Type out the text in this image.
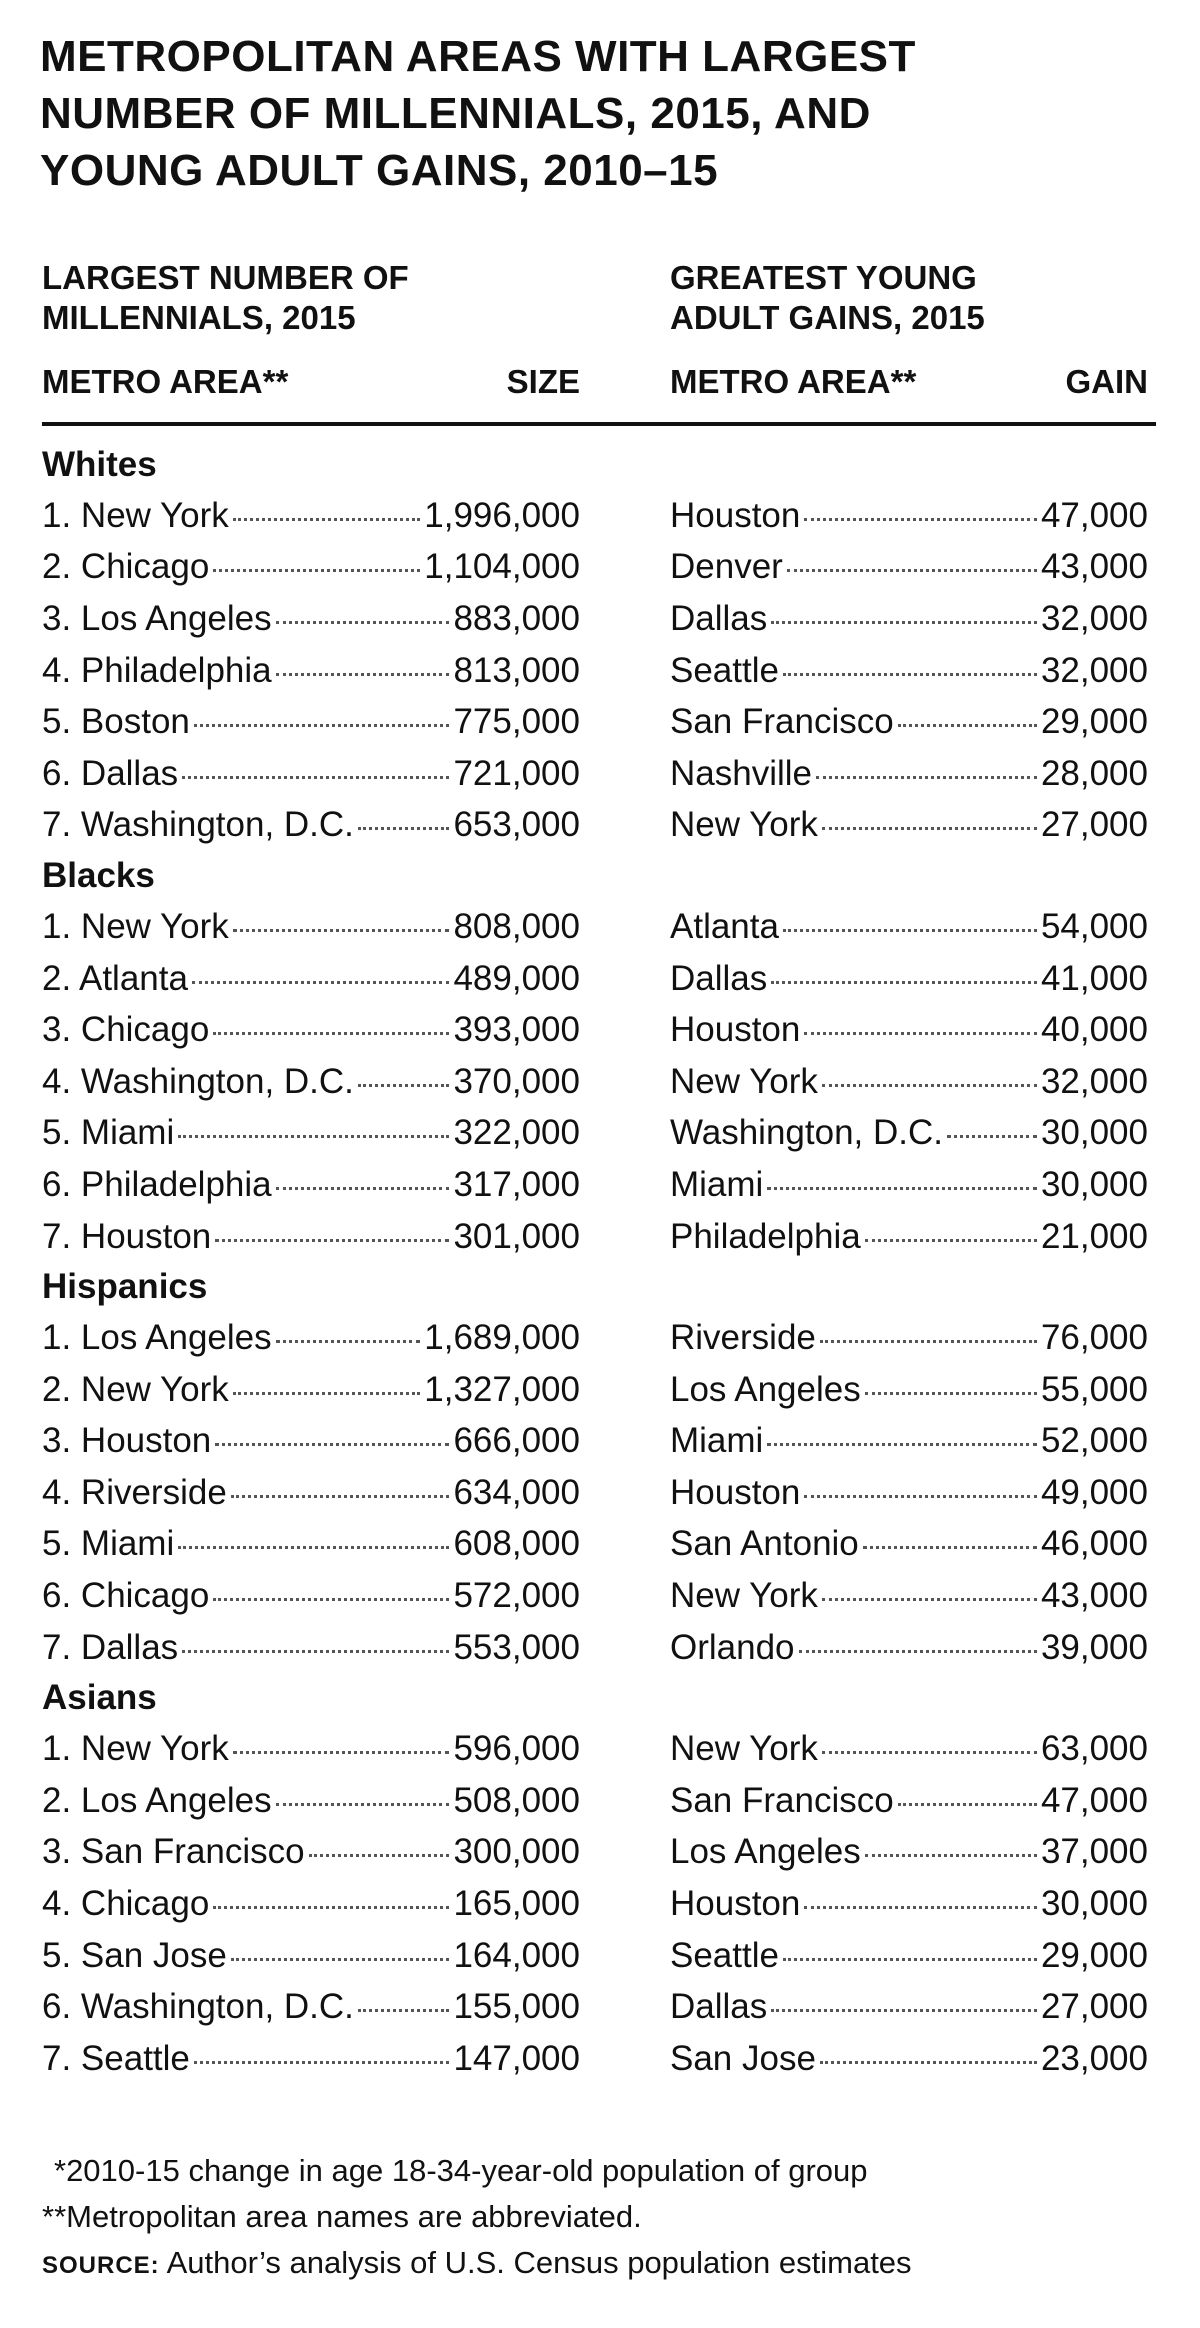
METROPOLITAN AREAS WITH LARGEST
NUMBER OF MILLENNIALS, 2015, AND
YOUNG ADULT GAINS, 2010–15
LARGEST NUMBER OF
MILLENNIALS, 2015
GREATEST YOUNG
ADULT GAINS, 2015
METRO AREA**	SIZE	METRO AREA**	GAIN
Whites
1. New York	1,996,000	Houston	47,000
2. Chicago	1,104,000	Denver	43,000
3. Los Angeles	883,000	Dallas	32,000
4. Philadelphia	813,000	Seattle	32,000
5. Boston	775,000	San Francisco	29,000
6. Dallas	721,000	Nashville	28,000
7. Washington, D.C.	653,000	New York	27,000
Blacks
1. New York	808,000	Atlanta	54,000
2. Atlanta	489,000	Dallas	41,000
3. Chicago	393,000	Houston	40,000
4. Washington, D.C.	370,000	New York	32,000
5. Miami	322,000	Washington, D.C.	30,000
6. Philadelphia	317,000	Miami	30,000
7. Houston	301,000	Philadelphia	21,000
Hispanics
1. Los Angeles	1,689,000	Riverside	76,000
2. New York	1,327,000	Los Angeles	55,000
3. Houston	666,000	Miami	52,000
4. Riverside	634,000	Houston	49,000
5. Miami	608,000	San Antonio	46,000
6. Chicago	572,000	New York	43,000
7. Dallas	553,000	Orlando	39,000
Asians
1. New York	596,000	New York	63,000
2. Los Angeles	508,000	San Francisco	47,000
3. San Francisco	300,000	Los Angeles	37,000
4. Chicago	165,000	Houston	30,000
5. San Jose	164,000	Seattle	29,000
6. Washington, D.C.	155,000	Dallas	27,000
7. Seattle	147,000	San Jose	23,000
*2010-15 change in age 18-34-year-old population of group
**Metropolitan area names are abbreviated.
SOURCE: Author’s analysis of U.S. Census population estimates
